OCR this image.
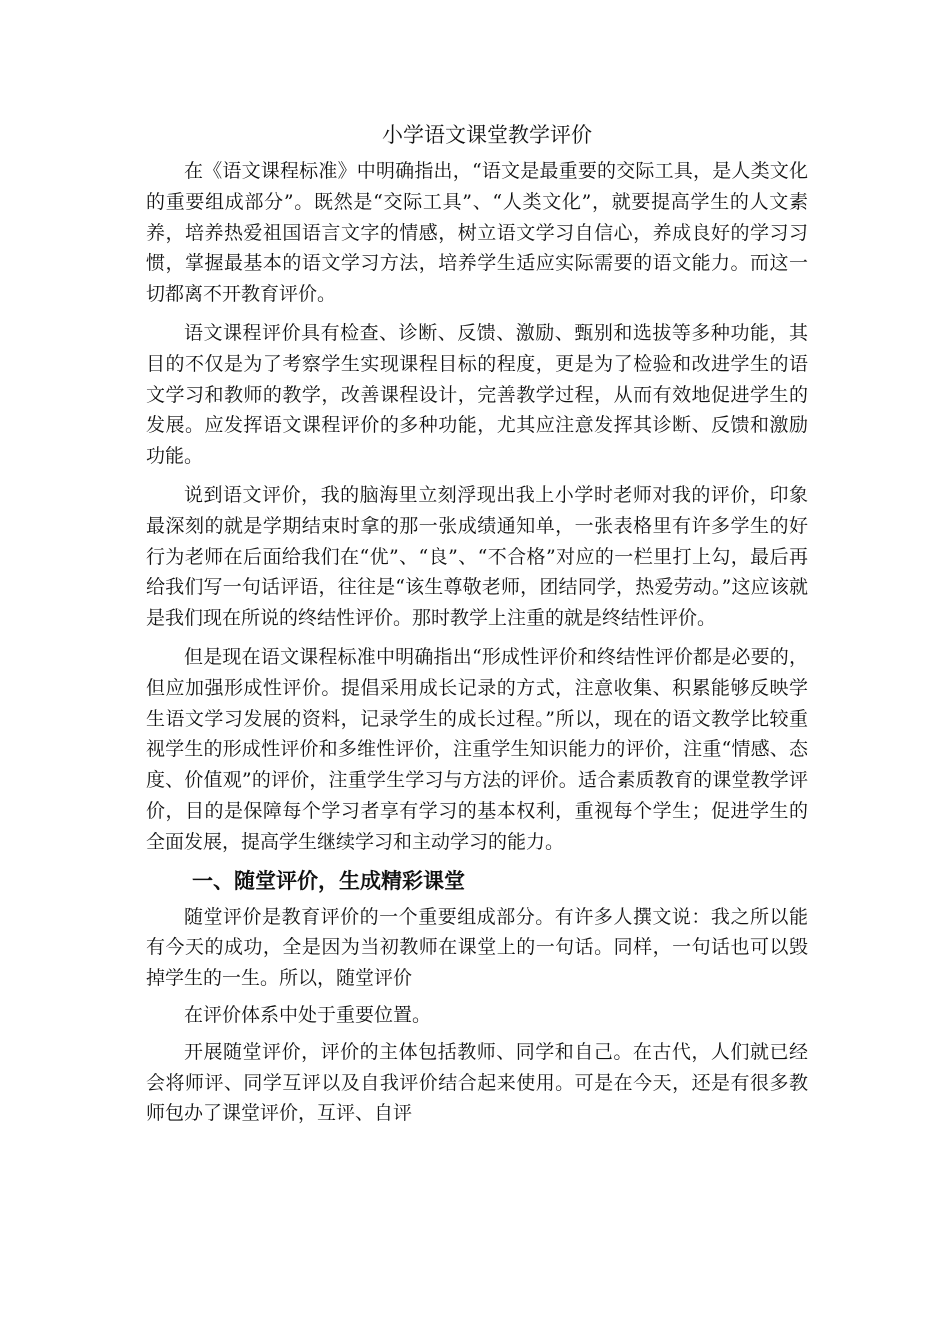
小学语文课堂教学评价

在《语文课程标准》中明确指出，“语文是最重要的交际工具，是人类文化的重要组成部分”。既然是“交际工具”、“人类文化”，就要提高学生的人文素养，培养热爱祖国语言文字的情感，树立语文学习自信心，养成良好的学习习惯，掌握最基本的语文学习方法，培养学生适应实际需要的语文能力。而这一切都离不开教育评价。

语文课程评价具有检查、诊断、反馈、激励、甄别和选拔等多种功能，其目的不仅是为了考察学生实现课程目标的程度，更是为了检验和改进学生的语文学习和教师的教学，改善课程设计，完善教学过程，从而有效地促进学生的发展。应发挥语文课程评价的多种功能，尤其应注意发挥其诊断、反馈和激励功能。

说到语文评价，我的脑海里立刻浮现出我上小学时老师对我的评价，印象最深刻的就是学期结束时拿的那一张成绩通知单，一张表格里有许多学生的好行为老师在后面给我们在“优”、“良”、“不合格”对应的一栏里打上勾，最后再给我们写一句话评语，往往是“该生尊敬老师，团结同学，热爱劳动。”这应该就是我们现在所说的终结性评价。那时教学上注重的就是终结性评价。

但是现在语文课程标准中明确指出“形成性评价和终结性评价都是必要的，但应加强形成性评价。提倡采用成长记录的方式，注意收集、积累能够反映学生语文学习发展的资料，记录学生的成长过程。”所以，现在的语文教学比较重视学生的形成性评价和多维性评价，注重学生知识能力的评价，注重“情感、态度、价值观”的评价，注重学生学习与方法的评价。适合素质教育的课堂教学评价，目的是保障每个学习者享有学习的基本权利，重视每个学生；促进学生的全面发展，提高学生继续学习和主动学习的能力。

一、随堂评价，生成精彩课堂

随堂评价是教育评价的一个重要组成部分。有许多人撰文说：我之所以能有今天的成功，全是因为当初教师在课堂上的一句话。同样，一句话也可以毁掉学生的一生。所以，随堂评价

在评价体系中处于重要位置。

开展随堂评价，评价的主体包括教师、同学和自己。在古代，人们就已经会将师评、同学互评以及自我评价结合起来使用。可是在今天，还是有很多教师包办了课堂评价，互评、自评
